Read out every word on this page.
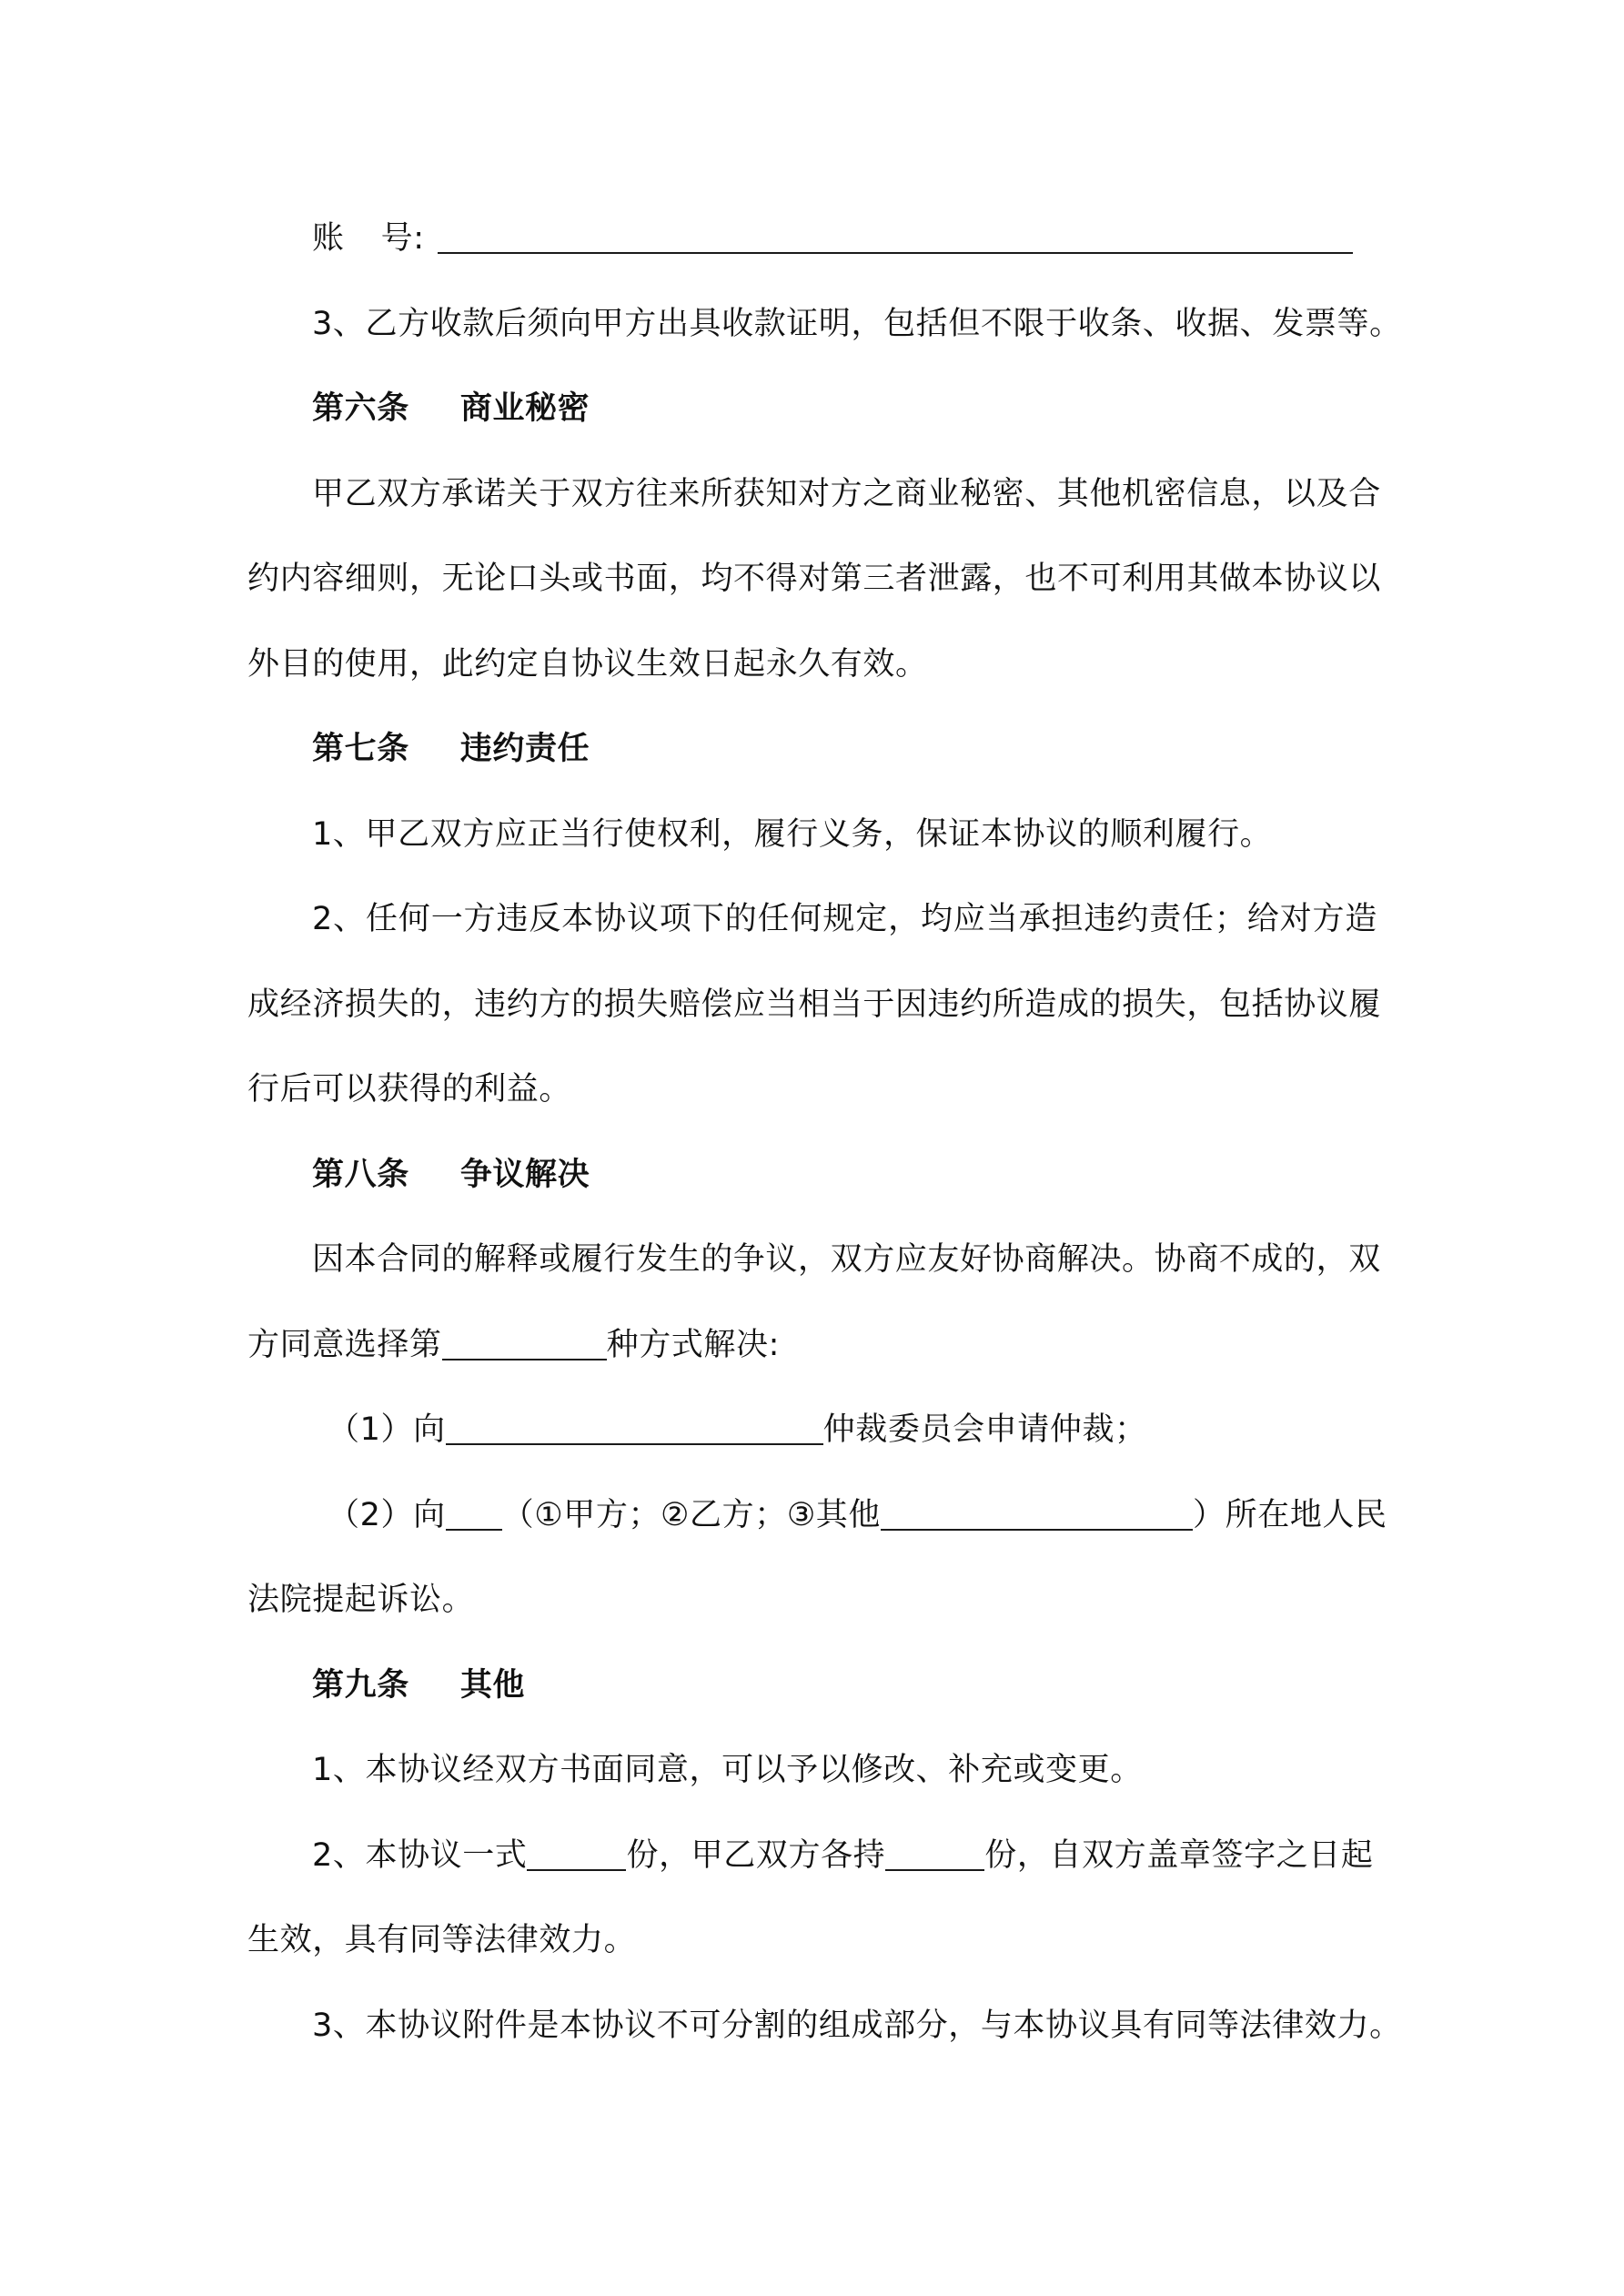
账 号:
3、乙方收款后须向甲方出具收款证明，包括但不限于收条、收据、发票等。
第六条 商业秘密
甲乙双方承诺关于双方往来所获知对方之商业秘密、其他机密信息，以及合
约内容细则，无论口头或书面，均不得对第三者泄露，也不可利用其做本协议以
外目的使用，此约定自协议生效日起永久有效。
第七条 违约责任
1、甲乙双方应正当行使权利，履行义务，保证本协议的顺利履行。
2、任何一方违反本协议项下的任何规定，均应当承担违约责任；给对方造
成经济损失的，违约方的损失赔偿应当相当于因违约所造成的损失，包括协议履
行后可以获得的利益。
第八条 争议解决
因本合同的解释或履行发生的争议，双方应友好协商解决。协商不成的，双
方同意选择第	种方式解决:
（1）向	仲裁委员会申请仲裁；
（2）向 （①甲方；②乙方；③其他	）所在地人民
法院提起诉讼。
第九条 其他
1、本协议经双方书面同意，可以予以修改、补充或变更。
2、本协议一式	份，甲乙双方各持	份，自双方盖章签字之日起
生效，具有同等法律效力。
3、本协议附件是本协议不可分割的组成部分，与本协议具有同等法律效力。
